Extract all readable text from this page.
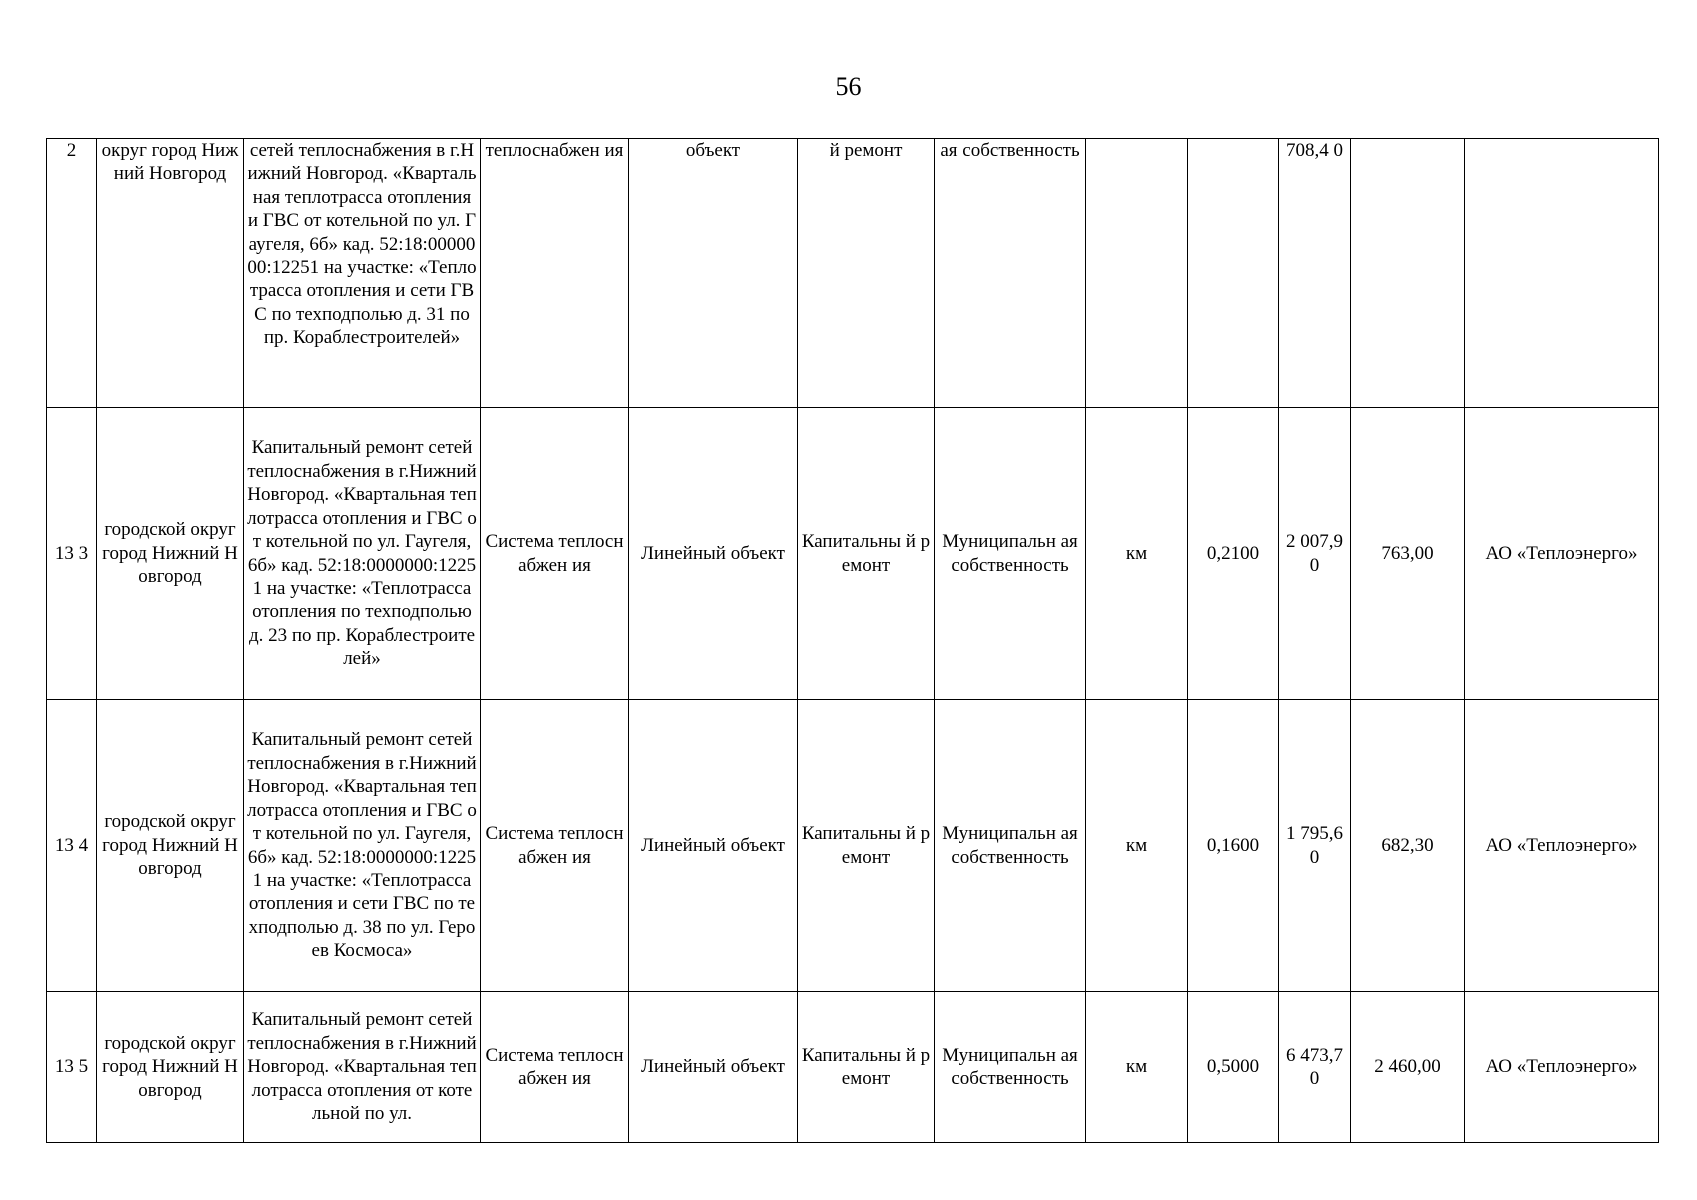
56
2	округ город Нижний Новгород	сетей теплоснабжения в г.Нижний Новгород. «Квартальная теплотрасса отопления и ГВС от котельной по ул. Гаугеля, 6б» кад. 52:18:0000000:12251 на участке: «Теплотрасса отопления и сети ГВС по техподполью д. 31 по пр. Кораблестроителей»	теплоснабжен ия	объект	й ремонт	ая собственность			708,4 0		
13 3	городской округ город Нижний Новгород	Капитальный ремонт сетей теплоснабжения в г.Нижний Новгород. «Квартальная теплотрасса отопления и ГВС от котельной по ул. Гаугеля, 6б» кад. 52:18:0000000:12251 на участке: «Теплотрасса отопления по техподполью д. 23 по пр. Кораблестроителей»	Система теплоснабжен ия	Линейный объект	Капитальны й ремонт	Муниципальн ая собственность	км	0,2100	2 007,9 0	763,00	АО «Теплоэнерго»
13 4	городской округ город Нижний Новгород	Капитальный ремонт сетей теплоснабжения в г.Нижний Новгород. «Квартальная теплотрасса отопления и ГВС от котельной по ул. Гаугеля, 6б» кад. 52:18:0000000:12251 на участке: «Теплотрасса отопления и сети ГВС по техподполью д. 38 по ул. Героев Космоса»	Система теплоснабжен ия	Линейный объект	Капитальны й ремонт	Муниципальн ая собственность	км	0,1600	1 795,6 0	682,30	АО «Теплоэнерго»
13 5	городской округ город Нижний Новгород	Капитальный ремонт сетей теплоснабжения в г.Нижний Новгород. «Квартальная теплотрасса отопления от котельной по ул.	Система теплоснабжен ия	Линейный объект	Капитальны й ремонт	Муниципальн ая собственность	км	0,5000	6 473,7 0	2 460,00	АО «Теплоэнерго»
